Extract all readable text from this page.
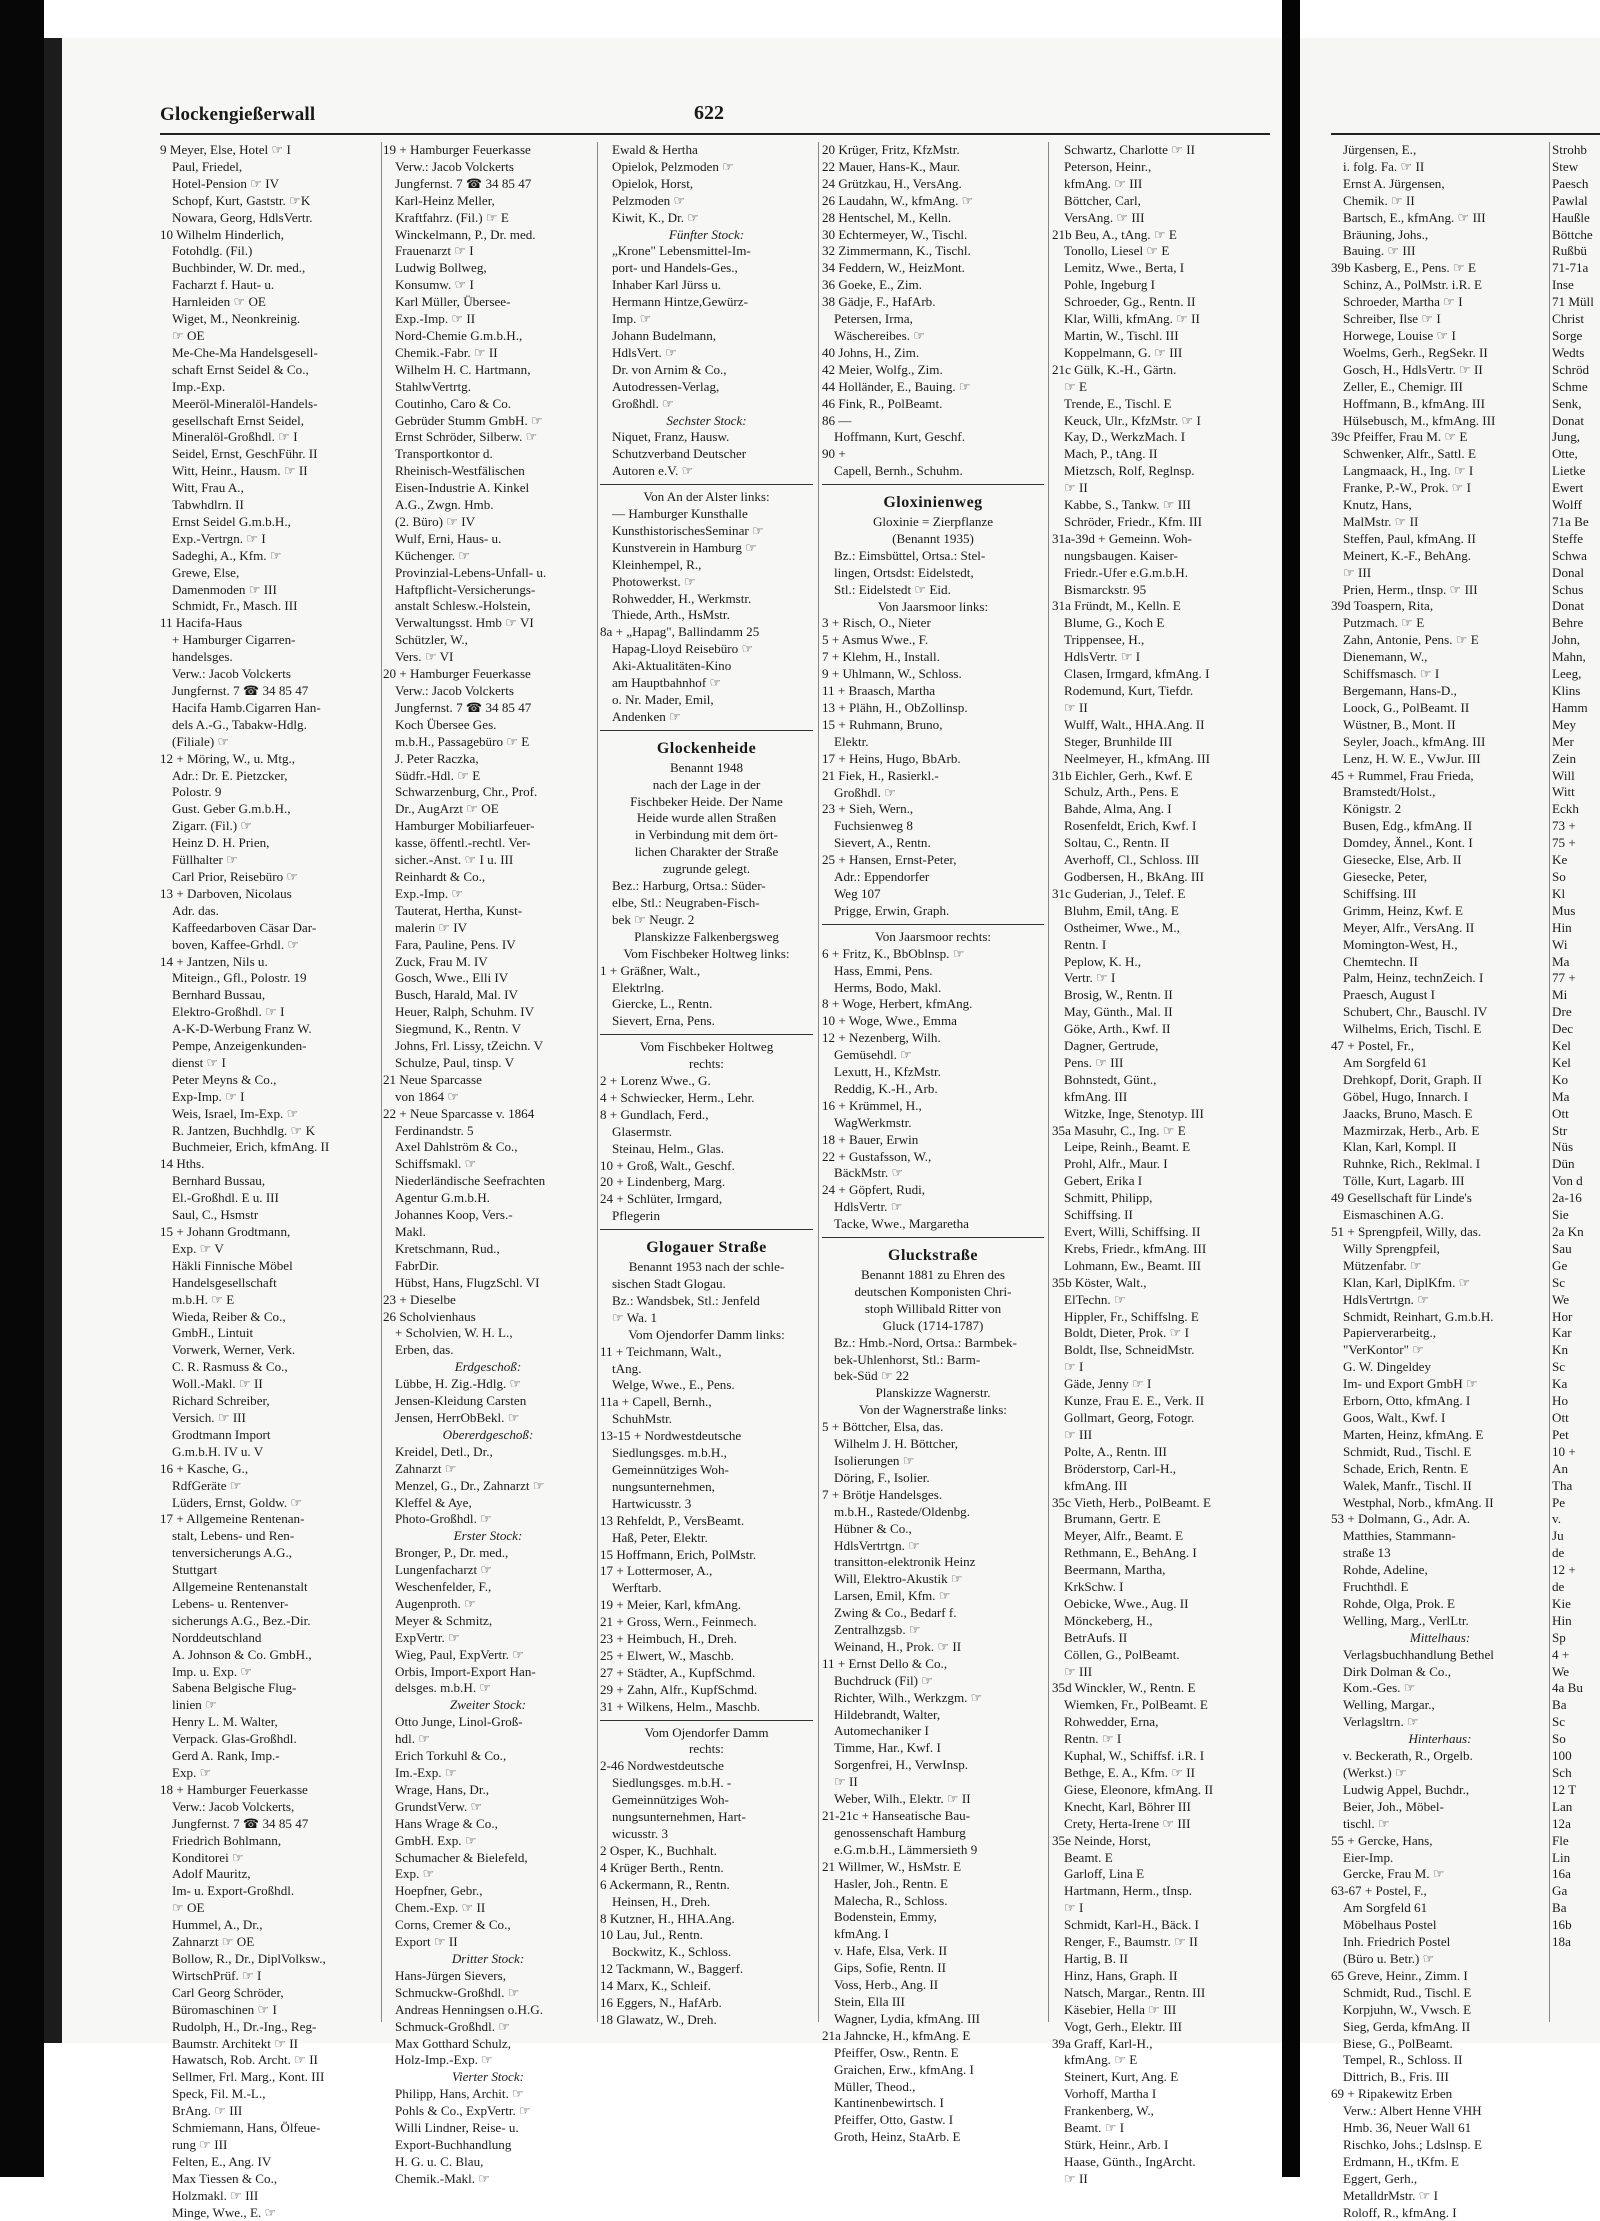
Glockengießerwall	622
9 Meyer, Else, Hotel ☞ I
Paul, Friedel,
Hotel-Pension ☞ IV
Schopf, Kurt, Gaststr. ☞K
Nowara, Georg, HdlsVertr.
10 Wilhelm Hinderlich,
Fotohdlg. (Fil.)
Buchbinder, W. Dr. med.,
Facharzt f. Haut- u.
Harnleiden ☞ OE
Wiget, M., Neonkreinig.
☞ OE
Me-Che-Ma Handelsgesell-
schaft Ernst Seidel & Co.,
Imp.-Exp.
Meeröl-Mineralöl-Handels-
gesellschaft Ernst Seidel,
Mineralöl-Großhdl. ☞ I
Seidel, Ernst, GeschFühr. II
Witt, Heinr., Hausm. ☞ II
Witt, Frau A.,
Tabwhdlrn. II
Ernst Seidel G.m.b.H.,
Exp.-Vertrgn. ☞ I
Sadeghi, A., Kfm. ☞
Grewe, Else,
Damenmoden ☞ III
Schmidt, Fr., Masch. III
11 Hacifa-Haus
+ Hamburger Cigarren-
handelsges.
Verw.: Jacob Volckerts
Jungfernst. 7 ☎ 34 85 47
Hacifa Hamb.Cigarren Han-
dels A.-G., Tabakw-Hdlg.
(Filiale) ☞
12 + Möring, W., u. Mtg.,
Adr.: Dr. E. Pietzcker,
Polostr. 9
Gust. Geber G.m.b.H.,
Zigarr. (Fil.) ☞
Heinz D. H. Prien,
Füllhalter ☞
Carl Prior, Reisebüro ☞
13 + Darboven, Nicolaus
Adr. das.
Kaffeedarboven Cäsar Dar-
boven, Kaffee-Grhdl. ☞
14 + Jantzen, Nils u.
Miteign., Gfl., Polostr. 19
Bernhard Bussau,
Elektro-Großhdl. ☞ I
A-K-D-Werbung Franz W.
Pempe, Anzeigenkunden-
dienst ☞ I
Peter Meyns & Co.,
Exp-Imp. ☞ I
Weis, Israel, Im-Exp. ☞
R. Jantzen, Buchhdlg. ☞ K
Buchmeier, Erich, kfmAng. II
14 Hths.
Bernhard Bussau,
El.-Großhdl. E u. III
Saul, C., Hsmstr
15 + Johann Grodtmann,
Exp. ☞ V
Häkli Finnische Möbel
Handelsgesellschaft
m.b.H. ☞ E
Wieda, Reiber & Co.,
GmbH., Lintuit
Vorwerk, Werner, Verk.
C. R. Rasmuss & Co.,
Woll.-Makl. ☞ II
Richard Schreiber,
Versich. ☞ III
Grodtmann Import
G.m.b.H. IV u. V
16 + Kasche, G.,
RdfGeräte ☞
Lüders, Ernst, Goldw. ☞
17 + Allgemeine Rentenan-
stalt, Lebens- und Ren-
tenversicherungs A.G.,
Stuttgart
Allgemeine Rentenanstalt
Lebens- u. Rentenver-
sicherungs A.G., Bez.-Dir.
Norddeutschland
A. Johnson & Co. GmbH.,
Imp. u. Exp. ☞
Sabena Belgische Flug-
linien ☞
Henry L. M. Walter,
Verpack. Glas-Großhdl.
Gerd A. Rank, Imp.-
Exp. ☞
18 + Hamburger Feuerkasse
Verw.: Jacob Volckerts,
Jungfernst. 7 ☎ 34 85 47
Friedrich Bohlmann,
Konditorei ☞
Adolf Mauritz,
Im- u. Export-Großhdl.
☞ OE
Hummel, A., Dr.,
Zahnarzt ☞ OE
Bollow, R., Dr., DiplVolksw.,
WirtschPrüf. ☞ I
Carl Georg Schröder,
Büromaschinen ☞ I
Rudolph, H., Dr.-Ing., Reg-
Baumstr. Architekt ☞ II
Hawatsch, Rob. Archt. ☞ II
Sellmer, Frl. Marg., Kont. III
Speck, Fil. M.-L.,
BrAng. ☞ III
Schmiemann, Hans, Ölfeue-
rung ☞ III
Felten, E., Ang. IV
Max Tiessen & Co.,
Holzmakl. ☞ III
Minge, Wwe., E. ☞
19 + Hamburger Feuerkasse
Verw.: Jacob Volckerts
Jungfernst. 7 ☎ 34 85 47
Karl-Heinz Meller,
Kraftfahrz. (Fil.) ☞ E
Winckelmann, P., Dr. med.
Frauenarzt ☞ I
Ludwig Bollweg,
Konsumw. ☞ I
Karl Müller, Übersee-
Exp.-Imp. ☞ II
Nord-Chemie G.m.b.H.,
Chemik.-Fabr. ☞ II
Wilhelm H. C. Hartmann,
StahlwVertrtg.
Coutinho, Caro & Co.
Gebrüder Stumm GmbH. ☞
Ernst Schröder, Silberw. ☞
Transportkontor d.
Rheinisch-Westfälischen
Eisen-Industrie A. Kinkel
A.G., Zwgn. Hmb.
(2. Büro) ☞ IV
Wulf, Erni, Haus- u.
Küchenger. ☞
Provinzial-Lebens-Unfall- u.
Haftpflicht-Versicherungs-
anstalt Schlesw.-Holstein,
Verwaltungsst. Hmb ☞ VI
Schützler, W.,
Vers. ☞ VI
20 + Hamburger Feuerkasse
Verw.: Jacob Volckerts
Jungfernst. 7 ☎ 34 85 47
Koch Übersee Ges.
m.b.H., Passagebüro ☞ E
J. Peter Raczka,
Südfr.-Hdl. ☞ E
Schwarzenburg, Chr., Prof.
Dr., AugArzt ☞ OE
Hamburger Mobiliarfeuer-
kasse, öffentl.-rechtl. Ver-
sicher.-Anst. ☞ I u. III
Reinhardt & Co.,
Exp.-Imp. ☞
Tauterat, Hertha, Kunst-
malerin ☞ IV
Fara, Pauline, Pens. IV
Zuck, Frau M. IV
Gosch, Wwe., Elli IV
Busch, Harald, Mal. IV
Heuer, Ralph, Schuhm. IV
Siegmund, K., Rentn. V
Johns, Frl. Lissy, tZeichn. V
Schulze, Paul, tinsp. V
21 Neue Sparcasse
von 1864 ☞
22 + Neue Sparcasse v. 1864
Ferdinandstr. 5
Axel Dahlström & Co.,
Schiffsmakl. ☞
Niederländische Seefrachten
Agentur G.m.b.H.
Johannes Koop, Vers.-
Makl.
Kretschmann, Rud.,
FabrDir.
Hübst, Hans, FlugzSchl. VI
23 + Dieselbe
26 Scholvienhaus
+ Scholvien, W. H. L.,
Erben, das.
Erdgeschoß:
Lübbe, H. Zig.-Hdlg. ☞
Jensen-Kleidung Carsten
Jensen, HerrObBekl. ☞
Obererdgeschoß:
Kreidel, Detl., Dr.,
Zahnarzt ☞
Menzel, G., Dr., Zahnarzt ☞
Kleffel & Aye,
Photo-Großhdl. ☞
Erster Stock:
Bronger, P., Dr. med.,
Lungenfacharzt ☞
Weschenfelder, F.,
Augenproth. ☞
Meyer & Schmitz,
ExpVertr. ☞
Wieg, Paul, ExpVertr. ☞
Orbis, Import-Export Han-
delsges. m.b.H. ☞
Zweiter Stock:
Otto Junge, Linol-Groß-
hdl. ☞
Erich Torkuhl & Co.,
Im.-Exp. ☞
Wrage, Hans, Dr.,
GrundstVerw. ☞
Hans Wrage & Co.,
GmbH. Exp. ☞
Schumacher & Bielefeld,
Exp. ☞
Hoepfner, Gebr.,
Chem.-Exp. ☞ II
Corns, Cremer & Co.,
Export ☞ II
Dritter Stock:
Hans-Jürgen Sievers,
Schmuckw-Großhdl. ☞
Andreas Henningsen o.H.G.
Schmuck-Großhdl. ☞
Max Gotthard Schulz,
Holz-Imp.-Exp. ☞
Vierter Stock:
Philipp, Hans, Archit. ☞
Pohls & Co., ExpVertr. ☞
Willi Lindner, Reise- u.
Export-Buchhandlung
H. G. u. C. Blau,
Chemik.-Makl. ☞
Ewald & Hertha
Opielok, Pelzmoden ☞
Opielok, Horst,
Pelzmoden ☞
Kiwit, K., Dr. ☞
Fünfter Stock:
„Krone" Lebensmittel-Im-
port- und Handels-Ges.,
Inhaber Karl Jürss u.
Hermann Hintze,Gewürz-
Imp. ☞
Johann Budelmann,
HdlsVert. ☞
Dr. von Arnim & Co.,
Autodressen-Verlag,
Großhdl. ☞
Sechster Stock:
Niquet, Franz, Hausw.
Schutzverband Deutscher
Autoren e.V. ☞
Von An der Alster links:
— Hamburger Kunsthalle
KunsthistorischesSeminar ☞
Kunstverein in Hamburg ☞
Kleinhempel, R.,
Photowerkst. ☞
Rohwedder, H., Werkmstr.
Thiede, Arth., HsMstr.
8a + „Hapag", Ballindamm 25
Hapag-Lloyd Reisebüro ☞
Aki-Aktualitäten-Kino
am Hauptbahnhof ☞
o. Nr. Mader, Emil,
Andenken ☞
Glockenheide
Benannt 1948
nach der Lage in der
Fischbeker Heide. Der Name
Heide wurde allen Straßen
in Verbindung mit dem ört-
lichen Charakter der Straße
zugrunde gelegt.
Bez.: Harburg, Ortsa.: Süder-
elbe, Stl.: Neugraben-Fisch-
bek ☞ Neugr. 2
Planskizze Falkenbergsweg
Vom Fischbeker Holtweg links:
1 + Gräßner, Walt.,
Elektrlng.
Giercke, L., Rentn.
Sievert, Erna, Pens.
Vom Fischbeker Holtweg
rechts:
2 + Lorenz Wwe., G.
4 + Schwiecker, Herm., Lehr.
8 + Gundlach, Ferd.,
Glasermstr.
Steinau, Helm., Glas.
10 + Groß, Walt., Geschf.
20 + Lindenberg, Marg.
24 + Schlüter, Irmgard,
Pflegerin
Glogauer Straße
Benannt 1953 nach der schle-
sischen Stadt Glogau.
Bz.: Wandsbek, Stl.: Jenfeld
☞ Wa. 1
Vom Ojendorfer Damm links:
11 + Teichmann, Walt.,
tAng.
Welge, Wwe., E., Pens.
11a + Capell, Bernh.,
SchuhMstr.
13-15 + Nordwestdeutsche
Siedlungsges. m.b.H.,
Gemeinnütziges Woh-
nungsunternehmen,
Hartwicusstr. 3
13 Rehfeldt, P., VersBeamt.
Haß, Peter, Elektr.
15 Hoffmann, Erich, PolMstr.
17 + Lottermoser, A.,
Werftarb.
19 + Meier, Karl, kfmAng.
21 + Gross, Wern., Feinmech.
23 + Heimbuch, H., Dreh.
25 + Elwert, W., Maschb.
27 + Städter, A., KupfSchmd.
29 + Zahn, Alfr., KupfSchmd.
31 + Wilkens, Helm., Maschb.
Vom Ojendorfer Damm
rechts:
2-46 Nordwestdeutsche
Siedlungsges. m.b.H. -
Gemeinnütziges Woh-
nungsunternehmen, Hart-
wicusstr. 3
2 Osper, K., Buchhalt.
4 Krüger Berth., Rentn.
6 Ackermann, R., Rentn.
Heinsen, H., Dreh.
8 Kutzner, H., HHA.Ang.
10 Lau, Jul., Rentn.
Bockwitz, K., Schloss.
12 Tackmann, W., Baggerf.
14 Marx, K., Schleif.
16 Eggers, N., HafArb.
18 Glawatz, W., Dreh.
20 Krüger, Fritz, KfzMstr.
22 Mauer, Hans-K., Maur.
24 Grützkau, H., VersAng.
26 Laudahn, W., kfmAng. ☞
28 Hentschel, M., Kelln.
30 Echtermeyer, W., Tischl.
32 Zimmermann, K., Tischl.
34 Feddern, W., HeizMont.
36 Goeke, E., Zim.
38 Gädje, F., HafArb.
Petersen, Irma,
Wäschereibes. ☞
40 Johns, H., Zim.
42 Meier, Wolfg., Zim.
44 Holländer, E., Bauing. ☞
46 Fink, R., PolBeamt.
86 —
Hoffmann, Kurt, Geschf.
90 +
Capell, Bernh., Schuhm.
Gloxinienweg
Gloxinie = Zierpflanze
(Benannt 1935)
Bz.: Eimsbüttel, Ortsa.: Stel-
lingen, Ortsdst: Eidelstedt,
Stl.: Eidelstedt ☞ Eid.
Von Jaarsmoor links:
3 + Risch, O., Nieter
5 + Asmus Wwe., F.
7 + Klehm, H., Install.
9 + Uhlmann, W., Schloss.
11 + Braasch, Martha
13 + Plähn, H., ObZollinsp.
15 + Ruhmann, Bruno,
Elektr.
17 + Heins, Hugo, BbArb.
21 Fiek, H., Rasierkl.-
Großhdl. ☞
23 + Sieh, Wern.,
Fuchsienweg 8
Sievert, A., Rentn.
25 + Hansen, Ernst-Peter,
Adr.: Eppendorfer
Weg 107
Prigge, Erwin, Graph.
Von Jaarsmoor rechts:
6 + Fritz, K., BbOblnsp. ☞
Hass, Emmi, Pens.
Herms, Bodo, Makl.
8 + Woge, Herbert, kfmAng.
10 + Woge, Wwe., Emma
12 + Nezenberg, Wilh.
Gemüsehdl. ☞
Lexutt, H., KfzMstr.
Reddig, K.-H., Arb.
16 + Krümmel, H.,
WagWerkmstr.
18 + Bauer, Erwin
22 + Gustafsson, W.,
BäckMstr. ☞
24 + Göpfert, Rudi,
HdlsVertr. ☞
Tacke, Wwe., Margaretha
Gluckstraße
Benannt 1881 zu Ehren des
deutschen Komponisten Chri-
stoph Willibald Ritter von
Gluck (1714-1787)
Bz.: Hmb.-Nord, Ortsa.: Barmbek-
bek-Uhlenhorst, Stl.: Barm-
bek-Süd ☞ 22
Planskizze Wagnerstr.
Von der Wagnerstraße links:
5 + Böttcher, Elsa, das.
Wilhelm J. H. Böttcher,
Isolierungen ☞
Döring, F., Isolier.
7 + Brötje Handelsges.
m.b.H., Rastede/Oldenbg.
Hübner & Co.,
HdlsVertrtgn. ☞
transitton-elektronik Heinz
Will, Elektro-Akustik ☞
Larsen, Emil, Kfm. ☞
Zwing & Co., Bedarf f.
Zentralhzgsb. ☞
Weinand, H., Prok. ☞ II
11 + Ernst Dello & Co.,
Buchdruck (Fil) ☞
Richter, Wilh., Werkzgm. ☞
Hildebrandt, Walter,
Automechaniker I
Timme, Har., Kwf. I
Sorgenfrei, H., VerwInsp.
☞ II
Weber, Wilh., Elektr. ☞ II
21-21c + Hanseatische Bau-
genossenschaft Hamburg
e.G.m.b.H., Lämmersieth 9
21 Willmer, W., HsMstr. E
Hasler, Joh., Rentn. E
Malecha, R., Schloss.
Bodenstein, Emmy,
kfmAng. I
v. Hafe, Elsa, Verk. II
Gips, Sofie, Rentn. II
Voss, Herb., Ang. II
Stein, Ella III
Wagner, Lydia, kfmAng. III
21a Jahncke, H., kfmAng. E
Pfeiffer, Osw., Rentn. E
Graichen, Erw., kfmAng. I
Müller, Theod.,
Kantinenbewirtsch. I
Pfeiffer, Otto, Gastw. I
Groth, Heinz, StaArb. E
Schwartz, Charlotte ☞ II
Peterson, Heinr.,
kfmAng. ☞ III
Böttcher, Carl,
VersAng. ☞ III
21b Beu, A., tAng. ☞ E
Tonollo, Liesel ☞ E
Lemitz, Wwe., Berta, I
Pohle, Ingeburg I
Schroeder, Gg., Rentn. II
Klar, Willi, kfmAng. ☞ II
Martin, W., Tischl. III
Koppelmann, G. ☞ III
21c Gülk, K.-H., Gärtn.
☞ E
Trende, E., Tischl. E
Keuck, Ulr., KfzMstr. ☞ I
Kay, D., WerkzMach. I
Mach, P., tAng. II
Mietzsch, Rolf, Reglnsp.
☞ II
Kabbe, S., Tankw. ☞ III
Schröder, Friedr., Kfm. III
31a-39d + Gemeinn. Woh-
nungsbaugen. Kaiser-
Friedr.-Ufer e.G.m.b.H.
Bismarckstr. 95
31a Fründt, M., Kelln. E
Blume, G., Koch E
Trippensee, H.,
HdlsVertr. ☞ I
Clasen, Irmgard, kfmAng. I
Rodemund, Kurt, Tiefdr.
☞ II
Wulff, Walt., HHA.Ang. II
Steger, Brunhilde III
Neelmeyer, H., kfmAng. III
31b Eichler, Gerh., Kwf. E
Schulz, Arth., Pens. E
Bahde, Alma, Ang. I
Rosenfeldt, Erich, Kwf. I
Soltau, C., Rentn. II
Averhoff, Cl., Schloss. III
Godbersen, H., BkAng. III
31c Guderian, J., Telef. E
Bluhm, Emil, tAng. E
Ostheimer, Wwe., M.,
Rentn. I
Peplow, K. H.,
Vertr. ☞ I
Brosig, W., Rentn. II
May, Günth., Mal. II
Göke, Arth., Kwf. II
Dagner, Gertrude,
Pens. ☞ III
Bohnstedt, Günt.,
kfmAng. III
Witzke, Inge, Stenotyp. III
35a Masuhr, C., Ing. ☞ E
Leipe, Reinh., Beamt. E
Prohl, Alfr., Maur. I
Gebert, Erika I
Schmitt, Philipp,
Schiffsing. II
Evert, Willi, Schiffsing. II
Krebs, Friedr., kfmAng. III
Lohmann, Ew., Beamt. III
35b Köster, Walt.,
ElTechn. ☞
Hippler, Fr., Schiffslng. E
Boldt, Dieter, Prok. ☞ I
Boldt, Ilse, SchneidMstr.
☞ I
Gäde, Jenny ☞ I
Kunze, Frau E. E., Verk. II
Gollmart, Georg, Fotogr.
☞ III
Polte, A., Rentn. III
Bröderstorp, Carl-H.,
kfmAng. III
35c Vieth, Herb., PolBeamt. E
Brumann, Gertr. E
Meyer, Alfr., Beamt. E
Rethmann, E., BehAng. I
Beermann, Martha,
KrkSchw. I
Oebicke, Wwe., Aug. II
Mönckeberg, H.,
BetrAufs. II
Cöllen, G., PolBeamt.
☞ III
35d Winckler, W., Rentn. E
Wiemken, Fr., PolBeamt. E
Rohwedder, Erna,
Rentn. ☞ I
Kuphal, W., Schiffsf. i.R. I
Bethge, E. A., Kfm. ☞ II
Giese, Eleonore, kfmAng. II
Knecht, Karl, Böhrer III
Crety, Herta-Irene ☞ III
35e Neinde, Horst,
Beamt. E
Garloff, Lina E
Hartmann, Herm., tInsp.
☞ I
Schmidt, Karl-H., Bäck. I
Renger, F., Baumstr. ☞ II
Hartig, B. II
Hinz, Hans, Graph. II
Natsch, Margar., Rentn. III
Käsebier, Hella ☞ III
Vogt, Gerh., Elektr. III
39a Graff, Karl-H.,
kfmAng. ☞ E
Steinert, Kurt, Ang. E
Vorhoff, Martha I
Frankenberg, W.,
Beamt. ☞ I
Stürk, Heinr., Arb. I
Haase, Günth., IngArcht.
☞ II
Jürgensen, E.,
i. folg. Fa. ☞ II
Ernst A. Jürgensen,
Chemik. ☞ II
Bartsch, E., kfmAng. ☞ III
Bräuning, Johs.,
Bauing. ☞ III
39b Kasberg, E., Pens. ☞ E
Schinz, A., PolMstr. i.R. E
Schroeder, Martha ☞ I
Schreiber, Ilse ☞ I
Horwege, Louise ☞ I
Woelms, Gerh., RegSekr. II
Gosch, H., HdlsVertr. ☞ II
Zeller, E., Chemigr. III
Hoffmann, B., kfmAng. III
Hülsebusch, M., kfmAng. III
39c Pfeiffer, Frau M. ☞ E
Schwenker, Alfr., Sattl. E
Langmaack, H., Ing. ☞ I
Franke, P.-W., Prok. ☞ I
Knutz, Hans,
MalMstr. ☞ II
Steffen, Paul, kfmAng. II
Meinert, K.-F., BehAng.
☞ III
Prien, Herm., tInsp. ☞ III
39d Toaspern, Rita,
Putzmach. ☞ E
Zahn, Antonie, Pens. ☞ E
Dienemann, W.,
Schiffsmasch. ☞ I
Bergemann, Hans-D.,
Loock, G., PolBeamt. II
Wüstner, B., Mont. II
Seyler, Joach., kfmAng. III
Lenz, H. W. E., VwJur. III
45 + Rummel, Frau Frieda,
Bramstedt/Holst.,
Königstr. 2
Busen, Edg., kfmAng. II
Domdey, Ännel., Kont. I
Giesecke, Else, Arb. II
Giesecke, Peter,
Schiffsing. III
Grimm, Heinz, Kwf. E
Meyer, Alfr., VersAng. II
Momington-West, H.,
Chemtechn. II
Palm, Heinz, technZeich. I
Praesch, August I
Schubert, Chr., Bauschl. IV
Wilhelms, Erich, Tischl. E
47 + Postel, Fr.,
Am Sorgfeld 61
Drehkopf, Dorit, Graph. II
Göbel, Hugo, Innarch. I
Jaacks, Bruno, Masch. E
Mazmirzak, Herb., Arb. E
Klan, Karl, Kompl. II
Ruhnke, Rich., Reklmal. I
Tölle, Kurt, Lagarb. III
49 Gesellschaft für Linde's
Eismaschinen A.G.
51 + Sprengpfeil, Willy, das.
Willy Sprengpfeil,
Mützenfabr. ☞
Klan, Karl, DiplKfm. ☞
HdlsVertrtgn. ☞
Schmidt, Reinhart, G.m.b.H.
Papierverarbeitg.,
"VerKontor" ☞
G. W. Dingeldey
Im- und Export GmbH ☞
Erborn, Otto, kfmAng. I
Goos, Walt., Kwf. I
Marten, Heinz, kfmAng. E
Schmidt, Rud., Tischl. E
Schade, Erich, Rentn. E
Walek, Manfr., Tischl. II
Westphal, Norb., kfmAng. II
53 + Dolmann, G., Adr. A.
Matthies, Stammann-
straße 13
Rohde, Adeline,
Fruchthdl. E
Rohde, Olga, Prok. E
Welling, Marg., VerlLtr.
Mittelhaus:
Verlagsbuchhandlung Bethel
Dirk Dolman & Co.,
Kom.-Ges. ☞
Welling, Margar.,
Verlagsltrn. ☞
Hinterhaus:
v. Beckerath, R., Orgelb.
(Werkst.) ☞
Ludwig Appel, Buchdr.,
Beier, Joh., Möbel-
tischl. ☞
55 + Gercke, Hans,
Eier-Imp.
Gercke, Frau M. ☞
63-67 + Postel, F.,
Am Sorgfeld 61
Möbelhaus Postel
Inh. Friedrich Postel
(Büro u. Betr.) ☞
65 Greve, Heinr., Zimm. I
Schmidt, Rud., Tischl. E
Korpjuhn, W., Vwsch. E
Sieg, Gerda, kfmAng. II
Biese, G., PolBeamt.
Tempel, R., Schloss. II
Dittrich, B., Fris. III
69 + Ripakewitz Erben
Verw.: Albert Henne VHH
Hmb. 36, Neuer Wall 61
Rischko, Johs.; Ldslnsp. E
Erdmann, H., tKfm. E
Eggert, Gerh.,
MetalldrMstr. ☞ I
Roloff, R., kfmAng. I
Strohb
Stew
Paesch
Pawlal
Haußle
Böttche
Rußbü
71-71a
Inse
71 Müll
Christ
Sorge
Wedts
Schröd
Schme
Senk,
Donat
Jung,
Otte,
Lietke
Ewert
Wolff
71a Be
Steffe
Schwa
Donal
Schus
Donat
Behre
John,
Mahn,
Leeg,
Klins
Hamm
Mey
Mer
Zein
Will
Witt
Eckh
73 +
75 +
Ke
So
Kl
Mus
Hin
Wi
Ma
77 +
Mi
Dre
Dec
Kel
Kel
Ko
Ma
Ott
Str
Nüs
Dün
Von d
2a-16
Sie
2a Kn
Sau
Ge
Sc
We
Hor
Kar
Kn
Sc
Ka
Ho
Ott
Pet
10 +
An
Tha
Pe
v.
Ju
de
12 +
de
Kie
Hin
Sp
4 +
We
4a Bu
Ba
Sc
So
100
Sch
12 T
Lan
12a
Fle
Lin
16a
Ga
Ba
16b
18a
